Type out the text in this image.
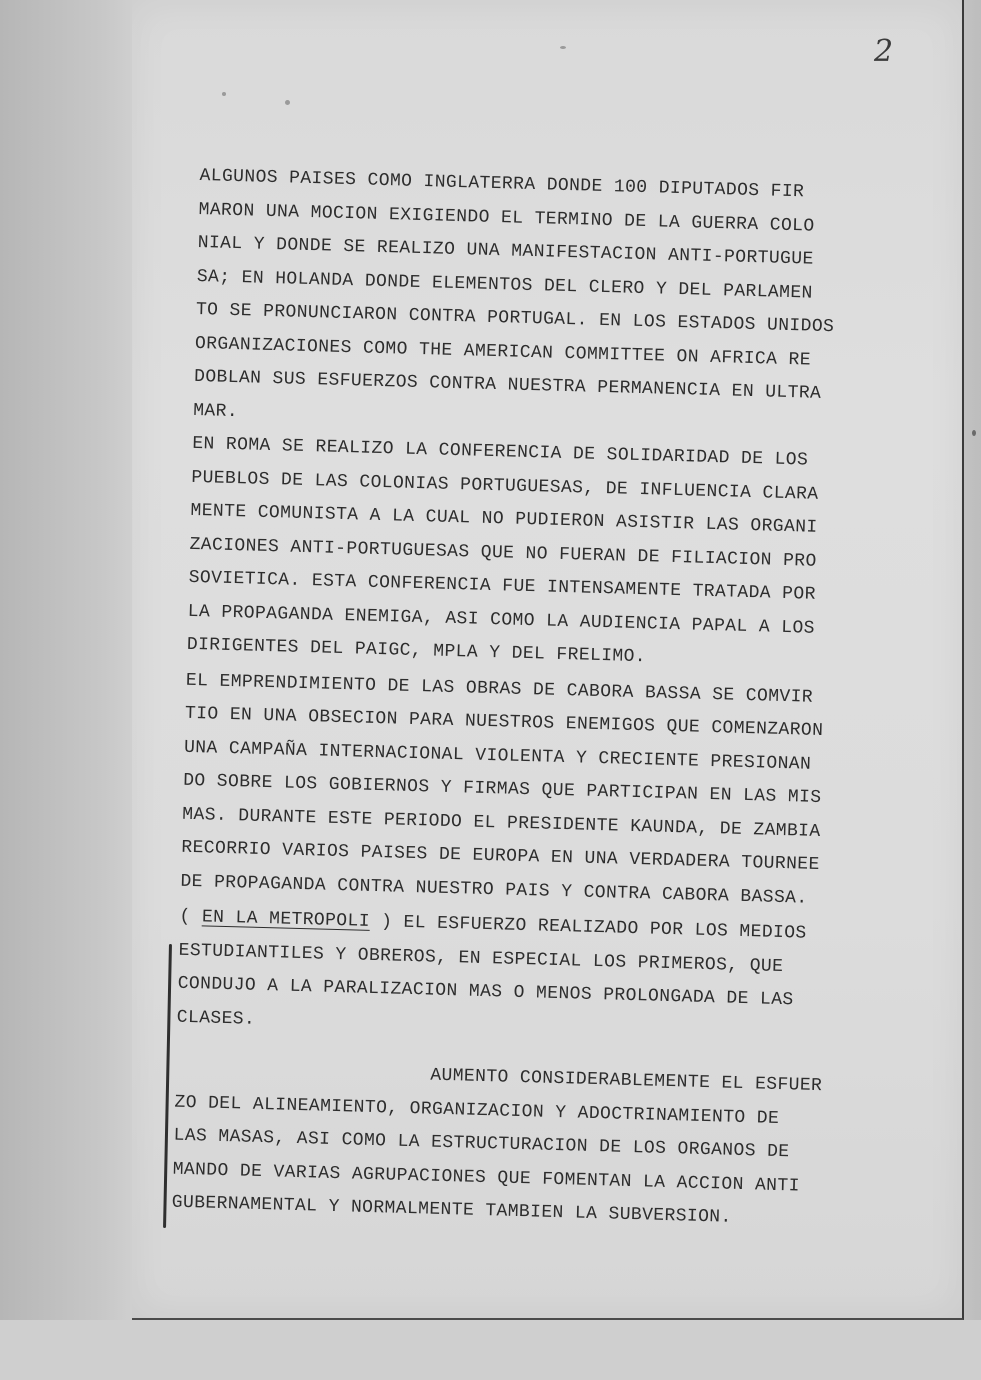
2
ALGUNOS PAISES COMO INGLATERRA DONDE 100 DIPUTADOS FIR
MARON UNA MOCION EXIGIENDO EL TERMINO DE LA GUERRA COLO
NIAL Y DONDE SE REALIZO UNA MANIFESTACION ANTI-PORTUGUE
SA; EN HOLANDA DONDE ELEMENTOS DEL CLERO Y DEL PARLAMEN
TO SE PRONUNCIARON CONTRA PORTUGAL. EN LOS ESTADOS UNIDOS
ORGANIZACIONES COMO THE AMERICAN COMMITTEE ON AFRICA RE
DOBLAN SUS ESFUERZOS CONTRA NUESTRA PERMANENCIA EN ULTRA
MAR.
EN ROMA SE REALIZO LA CONFERENCIA DE SOLIDARIDAD DE LOS
PUEBLOS DE LAS COLONIAS PORTUGUESAS, DE INFLUENCIA CLARA
MENTE COMUNISTA A LA CUAL NO PUDIERON ASISTIR LAS ORGANI
ZACIONES ANTI-PORTUGUESAS QUE NO FUERAN DE FILIACION PRO
SOVIETICA. ESTA CONFERENCIA FUE INTENSAMENTE TRATADA POR
LA PROPAGANDA ENEMIGA, ASI COMO LA AUDIENCIA PAPAL A LOS
DIRIGENTES DEL PAIGC, MPLA Y DEL FRELIMO.
EL EMPRENDIMIENTO DE LAS OBRAS DE CABORA BASSA SE COMVIR
TIO EN UNA OBSECION PARA NUESTROS ENEMIGOS QUE COMENZARON
UNA CAMPAÑA INTERNACIONAL VIOLENTA Y CRECIENTE PRESIONAN
DO SOBRE LOS GOBIERNOS Y FIRMAS QUE PARTICIPAN EN LAS MIS
MAS. DURANTE ESTE PERIODO EL PRESIDENTE KAUNDA, DE ZAMBIA
RECORRIO VARIOS PAISES DE EUROPA EN UNA VERDADERA TOURNEE
DE PROPAGANDA CONTRA NUESTRO PAIS Y CONTRA CABORA BASSA.
( EN LA METROPOLI ) EL ESFUERZO REALIZADO POR LOS MEDIOS
ESTUDIANTILES Y OBREROS, EN ESPECIAL LOS PRIMEROS, QUE
CONDUJO A LA PARALIZACION MAS O MENOS PROLONGADA DE LAS
CLASES.
AUMENTO CONSIDERABLEMENTE EL ESFUER
ZO DEL ALINEAMIENTO, ORGANIZACION Y ADOCTRINAMIENTO DE
LAS MASAS, ASI COMO LA ESTRUCTURACION DE LOS ORGANOS DE
MANDO DE VARIAS AGRUPACIONES QUE FOMENTAN LA ACCION ANTI
GUBERNAMENTAL Y NORMALMENTE TAMBIEN LA SUBVERSION.
